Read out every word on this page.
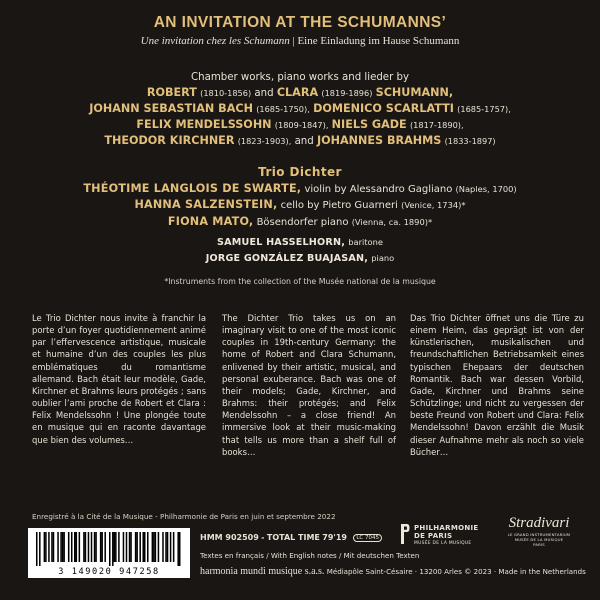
AN INVITATION AT THE SCHUMANNS’
Une invitation chez les Schumann | Eine Einladung im Hause Schumann
Chamber works, piano works and lieder by
ROBERT (1810-1856) and CLARA (1819-1896) SCHUMANN,
JOHANN SEBASTIAN BACH (1685-1750), DOMENICO SCARLATTI (1685-1757),
FELIX MENDELSSOHN (1809-1847), NIELS GADE (1817-1890),
THEODOR KIRCHNER (1823-1903), and JOHANNES BRAHMS (1833-1897)
Trio Dichter
THÉOTIME LANGLOIS DE SWARTE, violin by Alessandro Gagliano (Naples, 1700)
HANNA SALZENSTEIN, cello by Pietro Guarneri (Venice, 1734)*
FIONA MATO, Bösendorfer piano (Vienna, ca. 1890)*
SAMUEL HASSELHORN, baritone
JORGE GONZÁLEZ BUAJASAN, piano
*Instruments from the collection of the Musée national de la musique
Le Trio Dichter nous invite à franchir la porte d’un foyer quotidiennement animé par l’effervescence artistique, musicale et humaine d’un des couples les plus emblématiques du romantisme allemand. Bach était leur modèle, Gade, Kirchner et Brahms leurs protégés ; sans oublier l’ami proche de Robert et Clara : Felix Mendelssohn ! Une plongée toute en musique qui en raconte davantage que bien des volumes…
The Dichter Trio takes us on an imaginary visit to one of the most iconic couples in 19th-century Germany: the home of Robert and Clara Schumann, enlivened by their artistic, musical, and personal exuberance. Bach was one of their models; Gade, Kirchner, and Brahms: their protégés; and Felix Mendelssohn – a close friend! An immersive look at their music-making that tells us more than a shelf full of books…
Das Trio Dichter öffnet uns die Türe zu einem Heim, das geprägt ist von der künstlerischen, musikalischen und freundschaftlichen Betriebsamkeit eines typischen Ehepaars der deutschen Romantik. Bach war dessen Vorbild, Gade, Kirchner und Brahms seine Schützlinge; und nicht zu vergessen der beste Freund von Robert und Clara: Felix Mendelssohn! Davon erzählt die Musik dieser Aufnahme mehr als noch so viele Bücher…
Enregistré à la Cité de la Musique - Philharmonie de Paris en juin et septembre 2022
3 149020 947258
HMM 902509 - TOTAL TIME 79'19 LC 7045
Textes en français / With English notes / Mit deutschen Texten
harmonia mundi musique s.a.s. Médiapôle Saint-Césaire · 13200 Arles © 2023 · Made in the Netherlands
PHILHARMONIE
DE PARIS
MUSÉE DE LA MUSIQUE
Stradivari
LE GRAND INSTRUMENTARIUM
MUSÉE DE LA MUSIQUE
PARIS
